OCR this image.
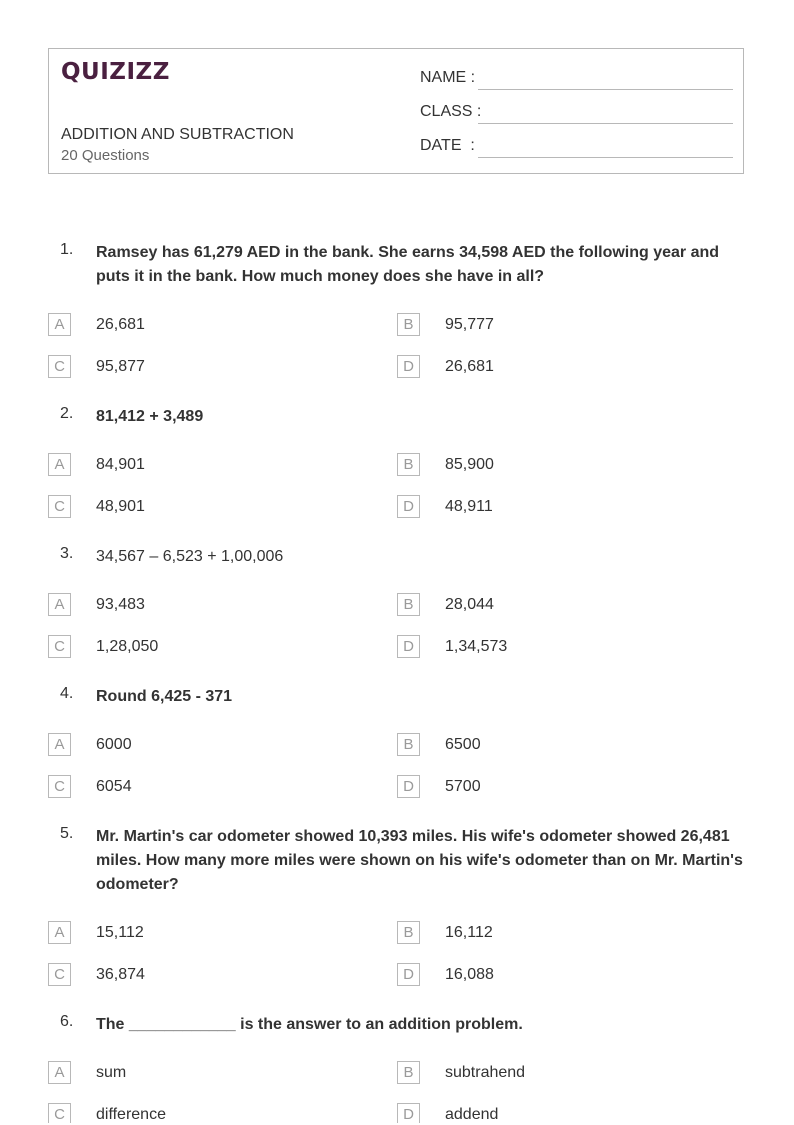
QUIZIZZ
ADDITION AND SUBTRACTION
20 Questions
NAME :
CLASS :
DATE  :
1. Ramsey has 61,279 AED in the bank. She earns 34,598 AED the following year and puts it in the bank. How much money does she have in all?
A	26,681	B	95,777
C	95,877	D	26,681
2. 81,412 + 3,489
A	84,901	B	85,900
C	48,901	D	48,911
3. 34,567 – 6,523 + 1,00,006
A	93,483	B	28,044
C	1,28,050	D	1,34,573
4. Round 6,425 - 371
A	6000	B	6500
C	6054	D	5700
5. Mr. Martin's car odometer showed 10,393 miles. His wife's odometer showed 26,481 miles. How many more miles were shown on his wife's odometer than on Mr. Martin's odometer?
A	15,112	B	16,112
C	36,874	D	16,088
6. The ____________ is the answer to an addition problem.
A	sum	B	subtrahend
C	difference	D	addend
